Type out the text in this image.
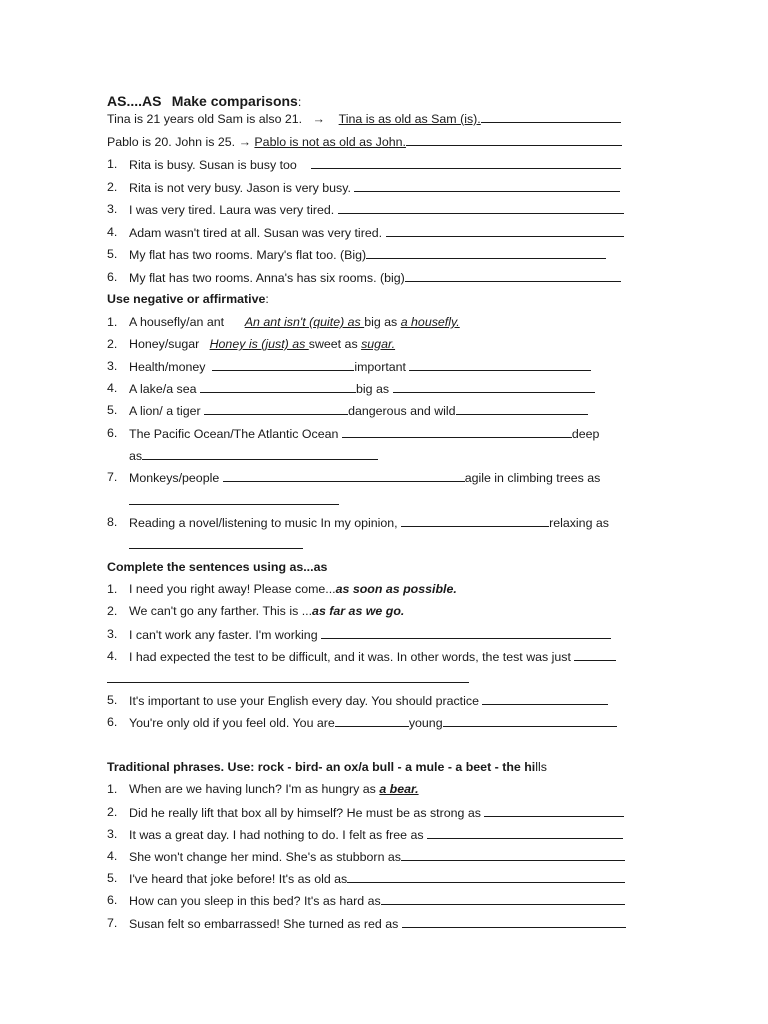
AS....AS Make comparisons:
Tina is 21 years old Sam is also 21. → Tina is as old as Sam (is).
Pablo is 20. John is 25. → Pablo is not as old as John.
1. Rita is busy. Susan is busy too
2. Rita is not very busy. Jason is very busy.
3. I was very tired. Laura was very tired.
4. Adam wasn't tired at all. Susan was very tired.
5. My flat has two rooms. Mary's flat too. (Big)
6. My flat has two rooms. Anna's has six rooms. (big)
Use negative or affirmative:
1. A housefly/an ant An ant isn't (quite) as big as a housefly.
2. Honey/sugar Honey is (just) as sweet as sugar.
3. Health/money	important
4. A lake/a sea	big as
5. A lion/ a tiger	dangerous and wild
6. The Pacific Ocean/The Atlantic Ocean	deep
as
7. Monkeys/people	agile in climbing trees as
8. Reading a novel/listening to music In my opinion,	relaxing as
Complete the sentences using as...as
1. I need you right away! Please come...as soon as possible.
2. We can't go any farther. This is ...as far as we go.
3. I can't work any faster. I'm working
4. I had expected the test to be difficult, and it was. In other words, the test was just
5. It's important to use your English every day. You should practice
6. You're only old if you feel old. You are	young
Traditional phrases. Use: rock - bird- an ox/a bull - a mule - a beet - the hills
1. When are we having lunch? I'm as hungry as a bear.
2. Did he really lift that box all by himself? He must be as strong as
3. It was a great day. I had nothing to do. I felt as free as
4. She won't change her mind. She's as stubborn as
5. I've heard that joke before! It's as old as
6. How can you sleep in this bed? It's as hard as
7. Susan felt so embarrassed! She turned as red as
